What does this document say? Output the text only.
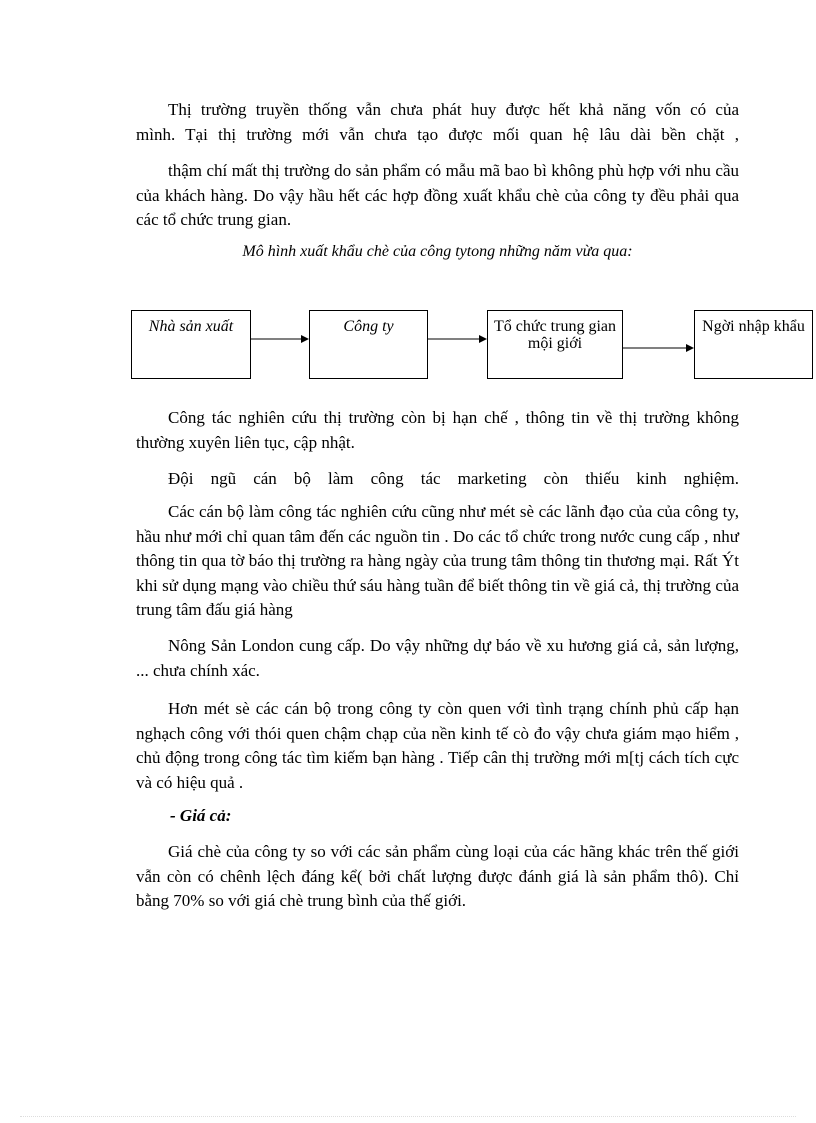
Thị trường truyền thống vẫn chưa phát huy được hết khả năng vốn có của

mình. Tại thị trường mới vẫn chưa tạo được mối quan hệ lâu dài bền chặt ,

thậm chí mất thị trường do sản phẩm có mẫu mã bao bì không phù hợp với nhu cầu của khách hàng. Do vậy hầu hết các hợp đồng xuất khẩu chè của công ty đều phải qua các tổ chức trung gian.

Mô hình xuất khẩu chè của công tytong những năm vừa qua:
Nhà sản xuất	Công ty	Tổ chức trung gian mội giới
Ngời nhập khẩu

Công tác nghiên cứu thị trường còn bị hạn chế , thông tin về thị trường không thường xuyên liên tục, cập nhật.

Đội ngũ cán bộ làm công tác marketing còn thiếu kinh nghiệm.

Các cán bộ làm công tác nghiên cứu cũng như mét sè các lãnh đạo của của công ty, hầu như mới chỉ quan tâm đến các nguồn tin . Do các tổ chức trong nước cung cấp , như thông tin qua tờ báo thị trường ra hàng ngày của trung tâm thông tin thương mại. Rất Ýt khi sử dụng mạng vào chiều thứ sáu hàng tuần để biết thông tin về giá cả, thị trường của trung tâm đấu giá hàng

Nông Sản London cung cấp. Do vậy những dự báo về xu hương giá cả, sản lượng, ... chưa chính xác.

Hơn mét sè các cán bộ trong công ty còn quen với tình trạng chính phủ cấp hạn nghạch công với thói quen chậm chạp của nền kinh tế cò đo vậy chưa giám mạo hiểm , chủ động trong công tác tìm kiếm bạn hàng . Tiếp cân thị trường mới m[tj cách tích cực và có hiệu quả .

- Giá cả:

Giá chè của công ty so với các sản phẩm cùng loại của các hãng khác trên thế giới vẫn còn có chênh lệch đáng kể( bởi chất lượng được đánh giá là sản phẩm thô). Chỉ bằng 70% so với giá chè trung bình của thế giới.
